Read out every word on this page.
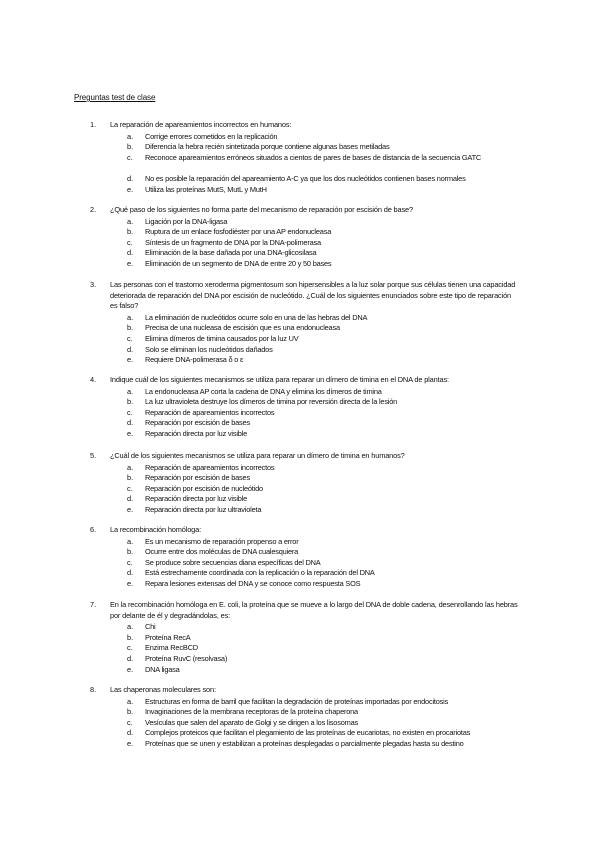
Preguntas test de clase
1. La reparación de apareamientos incorrectos en humanos:
a. Corrige errores cometidos en la replicación
b. Diferencia la hebra recién sintetizada porque contiene algunas bases metiladas
c. Reconoce apareamientos erróneos situados a cientos de pares de bases de distancia de la secuencia GATC
d. No es posible la reparación del apareamiento A-C ya que los dos nucleótidos contienen bases normales
e. Utiliza las proteínas MutS, MutL y MutH
2. ¿Qué paso de los siguientes no forma parte del mecanismo de reparación por escisión de base?
a. Ligación por la DNA-ligasa
b. Ruptura de un enlace fosfodiéster por una AP endonucleasa
c. Síntesis de un fragmento de DNA por la DNA-polimerasa
d. Eliminación de la base dañada por una DNA-glicosilasa
e. Eliminación de un segmento de DNA de entre 20 y 50 bases
3. Las personas con el trastorno xeroderma pigmentosum son hipersensibles a la luz solar porque sus células tienen una capacidad deteriorada de reparación del DNA por escisión de nucleótido. ¿Cuál de los siguientes enunciados sobre este tipo de reparación es falso?
a. La eliminación de nucleótidos ocurre solo en una de las hebras del DNA
b. Precisa de una nucleasa de escisión que es una endonucleasa
c. Elimina dímeros de timina causados por la luz UV
d. Solo se eliminan los nucleótidos dañados
e. Requiere DNA-polimerasa δ o ε
4. Indique cuál de los siguientes mecanismos se utiliza para reparar un dímero de timina en el DNA de plantas:
a. La endonucleasa AP corta la cadena de DNA y elimina los dímeros de timina
b. La luz ultravioleta destruye los dímeros de timina por reversión directa de la lesión
c. Reparación de apareamientos incorrectos
d. Reparación por escisión de bases
e. Reparación directa por luz visible
5. ¿Cuál de los siguientes mecanismos se utiliza para reparar un dímero de timina en humanos?
a. Reparación de apareamientos incorrectos
b. Reparación por escisión de bases
c. Reparación por escisión de nucleótido
d. Reparación directa por luz visible
e. Reparación directa por luz ultravioleta
6. La recombinación homóloga:
a. Es un mecanismo de reparación propenso a error
b. Ocurre entre dos moléculas de DNA cualesquiera
c. Se produce sobre secuencias diana específicas del DNA
d. Está estrechamente coordinada con la replicación o la reparación del DNA
e. Repara lesiones extensas del DNA y se conoce como respuesta SOS
7. En la recombinación homóloga en E. coli, la proteína que se mueve a lo largo del DNA de doble cadena, desenrollando las hebras por delante de él y degradándolas, es:
a. Chi
b. Proteína RecA
c. Enzima RecBCD
d. Proteína RuvC (resolvasa)
e. DNA ligasa
8. Las chaperonas moleculares son:
a. Estructuras en forma de barril que facilitan la degradación de proteínas importadas por endocitosis
b. Invaginaciones de la membrana receptoras de la proteína chaperona
c. Vesículas que salen del aparato de Golgi y se dirigen a los lisosomas
d. Complejos proteicos que facilitan el plegamiento de las proteínas de eucariotas, no existen en procariotas
e. Proteínas que se unen y estabilizan a proteínas desplegadas o parcialmente plegadas hasta su destino
